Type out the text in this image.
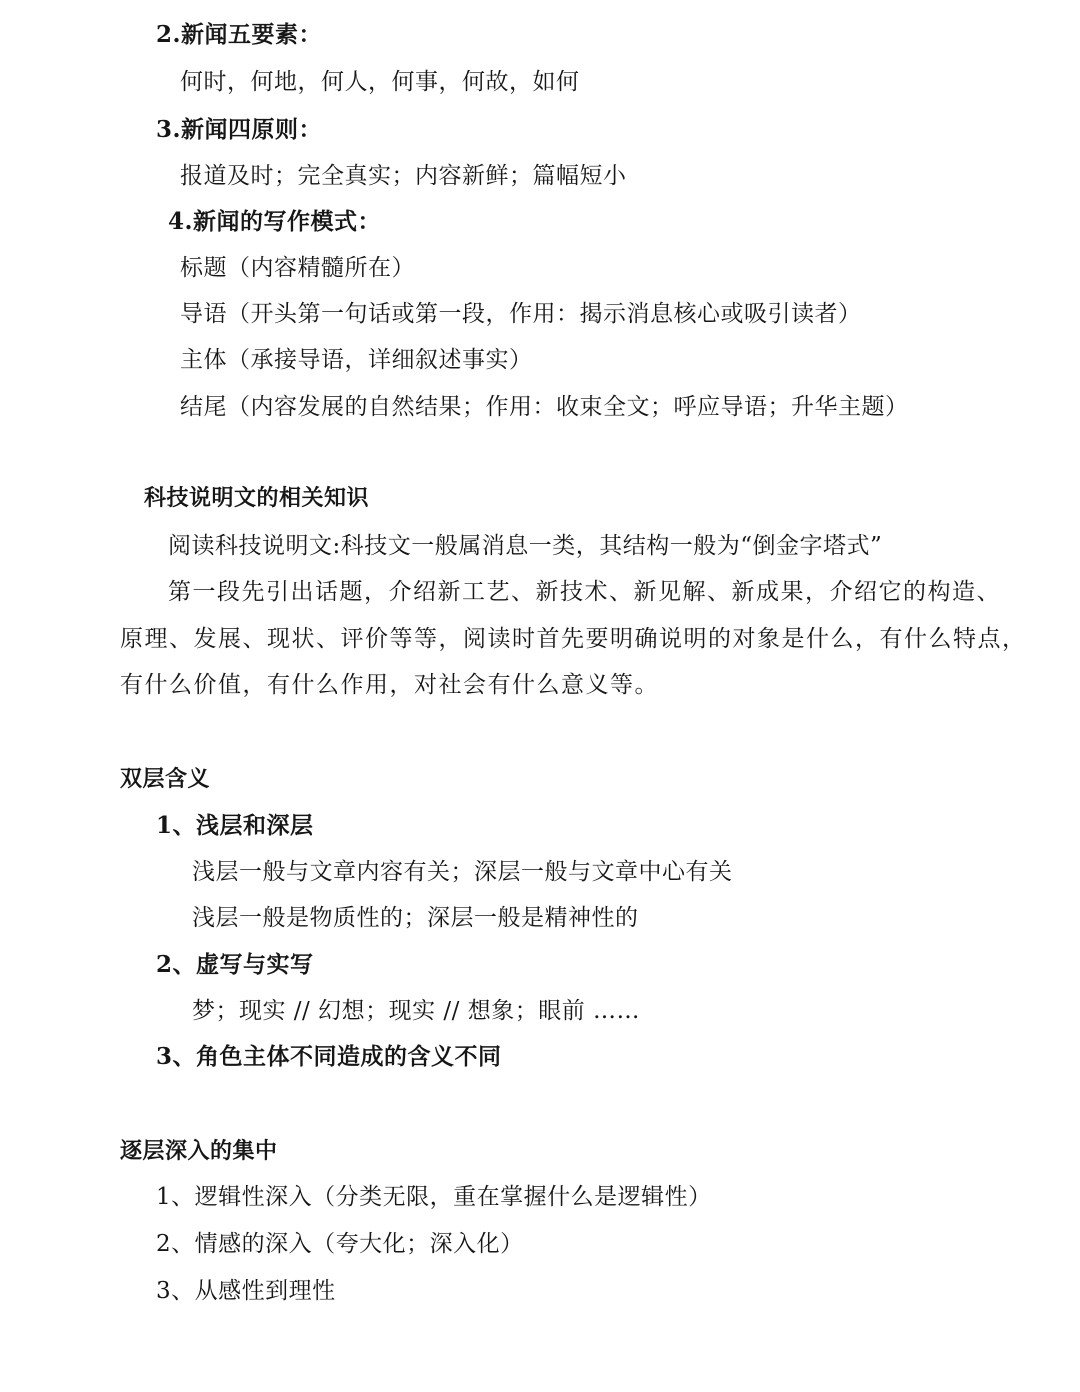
2.新闻五要素：
何时，何地，何人，何事，何故，如何
3.新闻四原则：
报道及时；完全真实；内容新鲜；篇幅短小
4.新闻的写作模式：
标题（内容精髓所在）
导语（开头第一句话或第一段，作用：揭示消息核心或吸引读者）
主体（承接导语，详细叙述事实）
结尾（内容发展的自然结果；作用：收束全文；呼应导语；升华主题）
科技说明文的相关知识
阅读科技说明文:科技文一般属消息一类，其结构一般为“倒金字塔式”
第一段先引出话题，介绍新工艺、新技术、新见解、新成果，介绍它的构造、
原理、发展、现状、评价等等，阅读时首先要明确说明的对象是什么，有什么特点，
有什么价值，有什么作用，对社会有什么意义等。
双层含义
1、浅层和深层
浅层一般与文章内容有关；深层一般与文章中心有关
浅层一般是物质性的；深层一般是精神性的
2、虚写与实写
梦；现实 // 幻想；现实 // 想象；眼前 ……
3、角色主体不同造成的含义不同
逐层深入的集中
1、逻辑性深入（分类无限，重在掌握什么是逻辑性）
2、情感的深入（夸大化；深入化）
3、从感性到理性
